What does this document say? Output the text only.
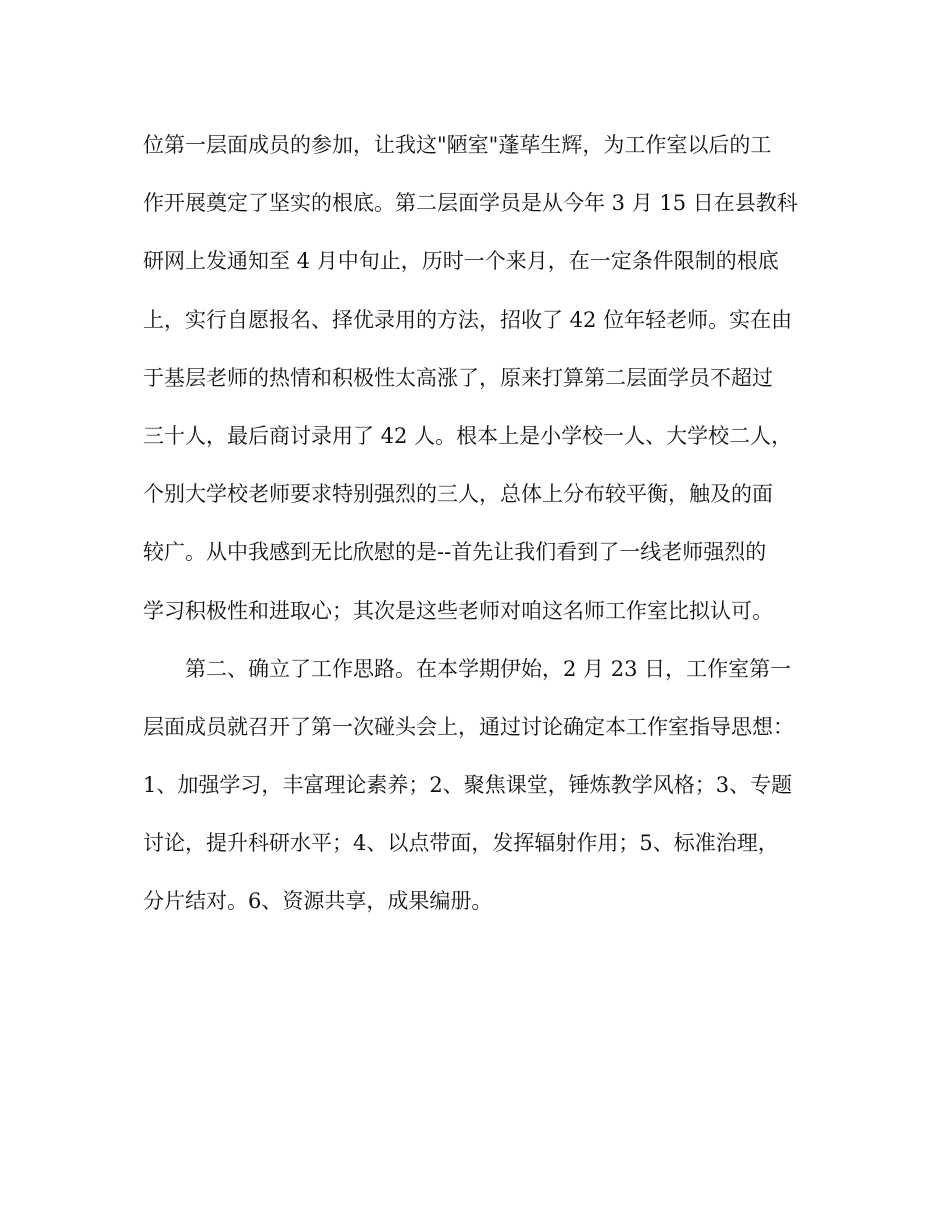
位第一层面成员的参加，让我这"陋室"蓬荜生辉，为工作室以后的工
作开展奠定了坚实的根底。第二层面学员是从今年 3 月 15 日在县教科
研网上发通知至 4 月中旬止，历时一个来月，在一定条件限制的根底
上，实行自愿报名、择优录用的方法，招收了 42 位年轻老师。实在由
于基层老师的热情和积极性太高涨了，原来打算第二层面学员不超过
三十人，最后商讨录用了 42 人。根本上是小学校一人、大学校二人，
个别大学校老师要求特别强烈的三人，总体上分布较平衡，触及的面
较广。从中我感到无比欣慰的是--首先让我们看到了一线老师强烈的
学习积极性和进取心；其次是这些老师对咱这名师工作室比拟认可。
第二、确立了工作思路。在本学期伊始，2 月 23 日，工作室第一
层面成员就召开了第一次碰头会上，通过讨论确定本工作室指导思想：
1、加强学习，丰富理论素养；2、聚焦课堂，锤炼教学风格；3、专题
讨论，提升科研水平；4、以点带面，发挥辐射作用；5、标准治理，
分片结对。6、资源共享，成果编册。
